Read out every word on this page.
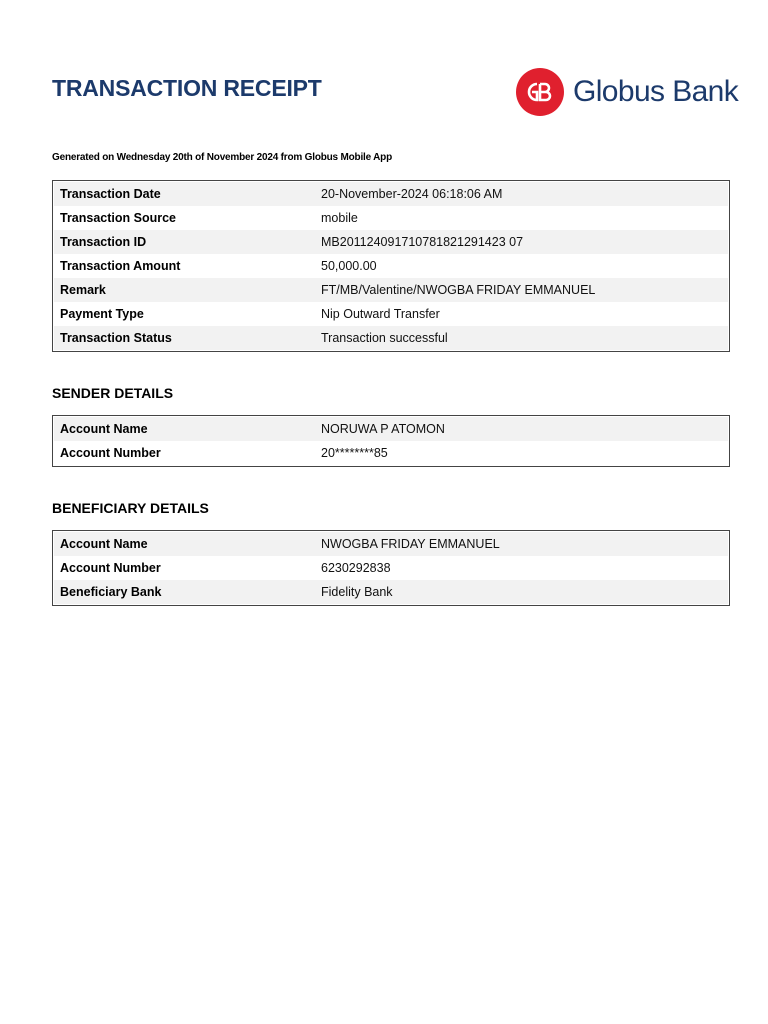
TRANSACTION RECEIPT	Globus Bank
Generated on Wednesday 20th of November 2024 from Globus Mobile App
Transaction Date	20-November-2024 06:18:06 AM
Transaction Source	mobile
Transaction ID	MB201124091710781821291423 07
Transaction Amount	50,000.00
Remark	FT/MB/Valentine/NWOGBA FRIDAY EMMANUEL
Payment Type	Nip Outward Transfer
Transaction Status	Transaction successful
SENDER DETAILS
Account Name	NORUWA P ATOMON
Account Number	20********85
BENEFICIARY DETAILS
Account Name	NWOGBA FRIDAY EMMANUEL
Account Number	6230292838
Beneficiary Bank	Fidelity Bank
